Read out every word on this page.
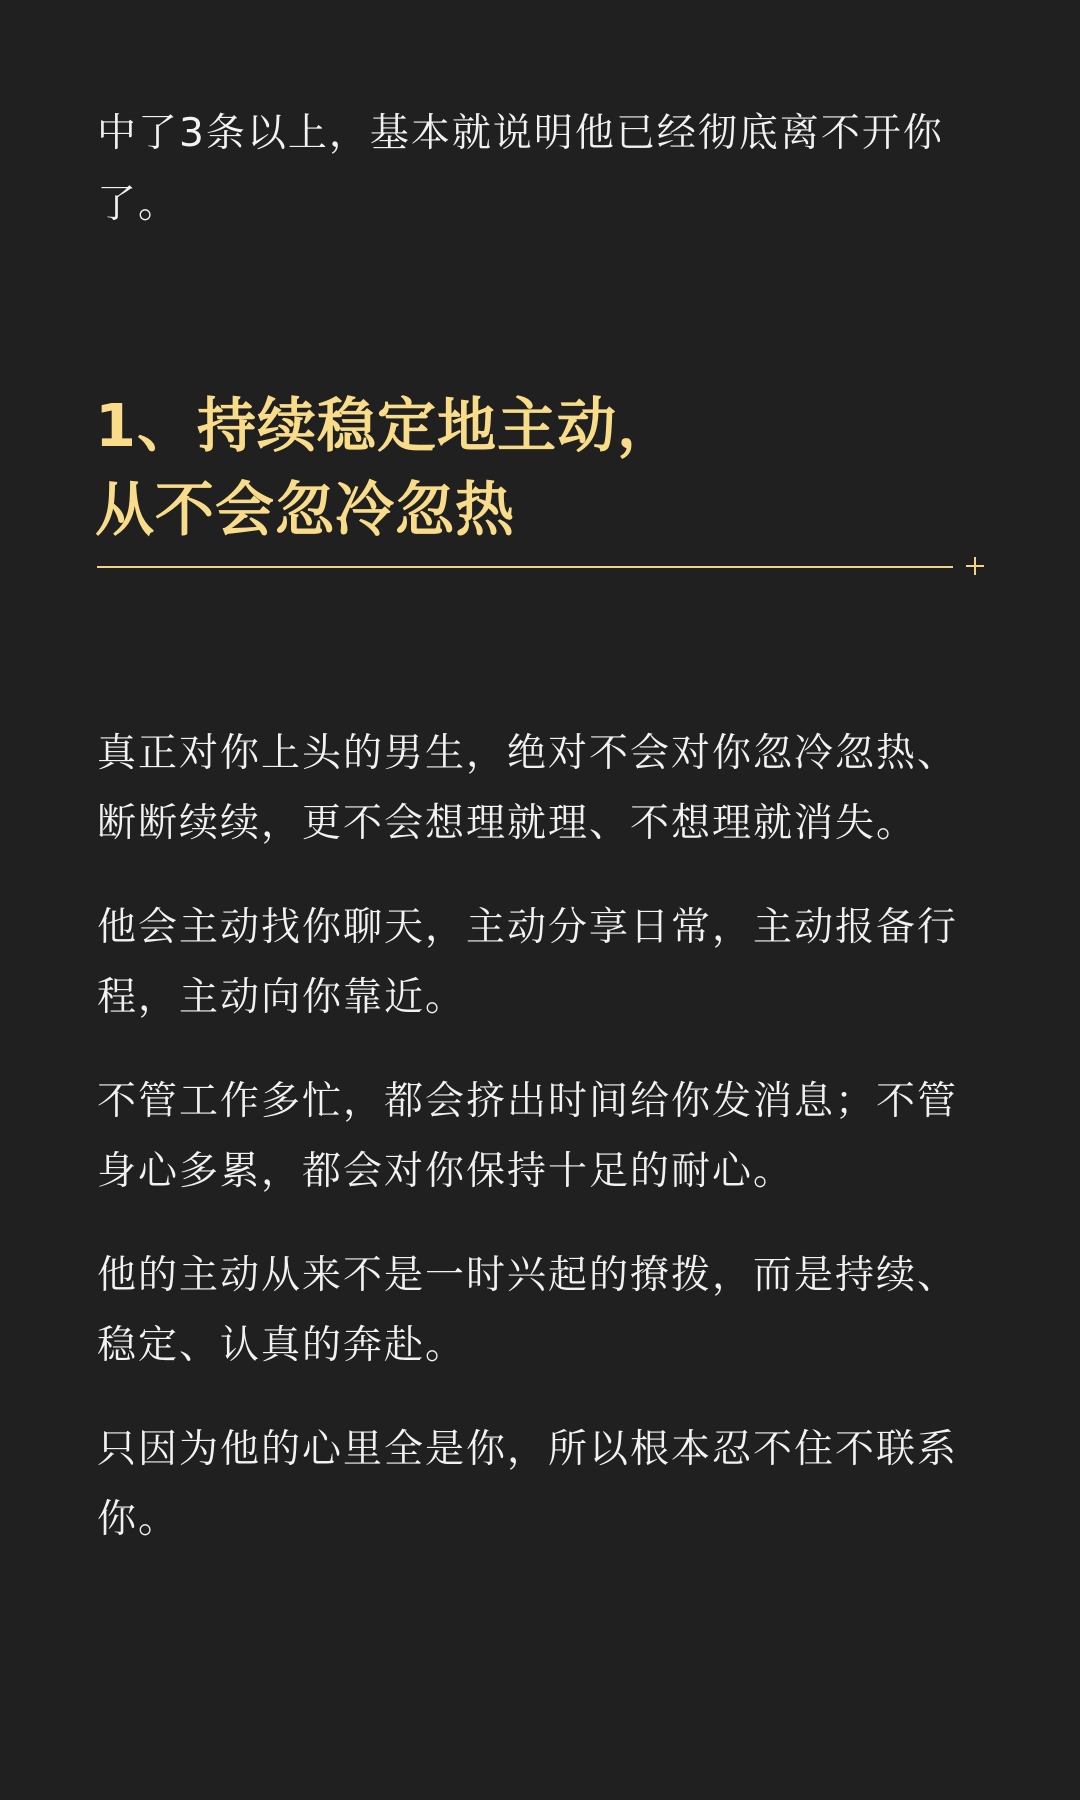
中了3条以上，基本就说明他已经彻底离不开你了。

1、持续稳定地主动，
从不会忽冷忽热

真正对你上头的男生，绝对不会对你忽冷忽热、断断续续，更不会想理就理、不想理就消失。

他会主动找你聊天，主动分享日常，主动报备行程，主动向你靠近。

不管工作多忙，都会挤出时间给你发消息；不管身心多累，都会对你保持十足的耐心。

他的主动从来不是一时兴起的撩拨，而是持续、稳定、认真的奔赴。

只因为他的心里全是你，所以根本忍不住不联系你。
